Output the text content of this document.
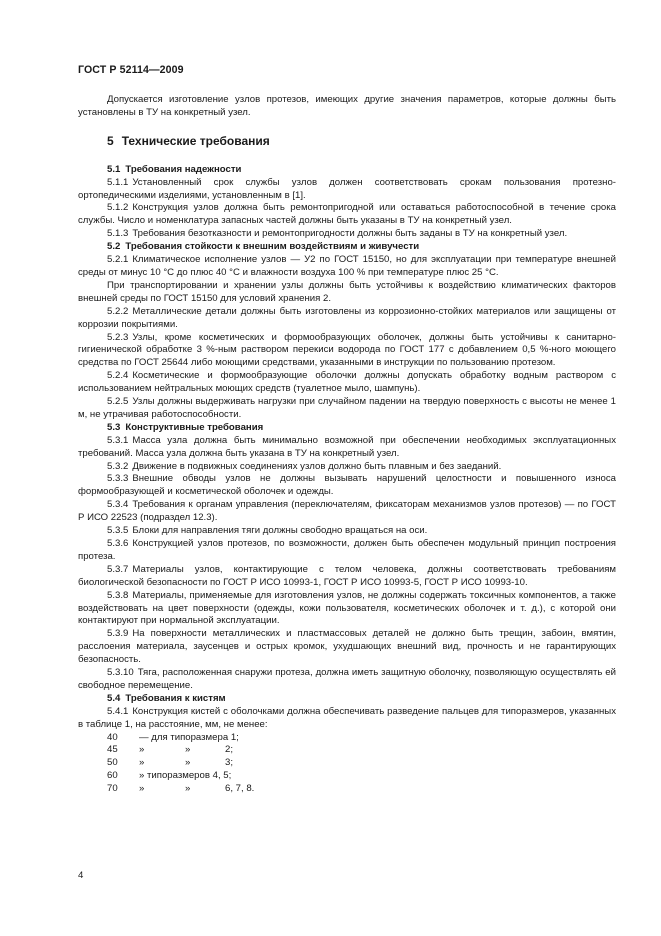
ГОСТ Р 52114—2009
Допускается изготовление узлов протезов, имеющих другие значения параметров, которые должны быть установлены в ТУ на конкретный узел.
5 Технические требования
5.1 Требования надежности
5.1.1 Установленный срок службы узлов должен соответствовать срокам пользования протезно-ортопедическими изделиями, установленным в [1].
5.1.2 Конструкция узлов должна быть ремонтопригодной или оставаться работоспособной в течение срока службы. Число и номенклатура запасных частей должны быть указаны в ТУ на конкретный узел.
5.1.3 Требования безотказности и ремонтопригодности должны быть заданы в ТУ на конкретный узел.
5.2 Требования стойкости к внешним воздействиям и живучести
5.2.1 Климатическое исполнение узлов — У2 по ГОСТ 15150, но для эксплуатации при температуре внешней среды от минус 10 °С до плюс 40 °С и влажности воздуха 100 % при температуре плюс 25 °С.
При транспортировании и хранении узлы должны быть устойчивы к воздействию климатических факторов внешней среды по ГОСТ 15150 для условий хранения 2.
5.2.2 Металлические детали должны быть изготовлены из коррозионно-стойких материалов или защищены от коррозии покрытиями.
5.2.3 Узлы, кроме косметических и формообразующих оболочек, должны быть устойчивы к санитарно-гигиенической обработке 3 %-ным раствором перекиси водорода по ГОСТ 177 с добавлением 0,5 %-ного моющего средства по ГОСТ 25644 либо моющими средствами, указанными в инструкции по пользованию протезом.
5.2.4 Косметические и формообразующие оболочки должны допускать обработку водным раствором с использованием нейтральных моющих средств (туалетное мыло, шампунь).
5.2.5 Узлы должны выдерживать нагрузки при случайном падении на твердую поверхность с высоты не менее 1 м, не утрачивая работоспособности.
5.3 Конструктивные требования
5.3.1 Масса узла должна быть минимально возможной при обеспечении необходимых эксплуатационных требований. Масса узла должна быть указана в ТУ на конкретный узел.
5.3.2 Движение в подвижных соединениях узлов должно быть плавным и без заеданий.
5.3.3 Внешние обводы узлов не должны вызывать нарушений целостности и повышенного износа формообразующей и косметической оболочек и одежды.
5.3.4 Требования к органам управления (переключателям, фиксаторам механизмов узлов протезов) — по ГОСТ Р ИСО 22523 (подраздел 12.3).
5.3.5 Блоки для направления тяги должны свободно вращаться на оси.
5.3.6 Конструкцией узлов протезов, по возможности, должен быть обеспечен модульный принцип построения протеза.
5.3.7 Материалы узлов, контактирующие с телом человека, должны соответствовать требованиям биологической безопасности по ГОСТ Р ИСО 10993-1, ГОСТ Р ИСО 10993-5, ГОСТ Р ИСО 10993-10.
5.3.8 Материалы, применяемые для изготовления узлов, не должны содержать токсичных компонентов, а также воздействовать на цвет поверхности (одежды, кожи пользователя, косметических оболочек и т. д.), с которой они контактируют при нормальной эксплуатации.
5.3.9 На поверхности металлических и пластмассовых деталей не должно быть трещин, забоин, вмятин, расслоения материала, заусенцев и острых кромок, ухудшающих внешний вид, прочность и не гарантирующих безопасность.
5.3.10 Тяга, расположенная снаружи протеза, должна иметь защитную оболочку, позволяющую осуществлять ей свободное перемещение.
5.4 Требования к кистям
5.4.1 Конструкция кистей с оболочками должна обеспечивать разведение пальцев для типоразмеров, указанных в таблице 1, на расстояние, мм, не менее:
40	— для типоразмера 1;
45	»	»	2;
50	»	»	3;
60	» типоразмеров 4, 5;
70	»	»	6, 7, 8.
4
